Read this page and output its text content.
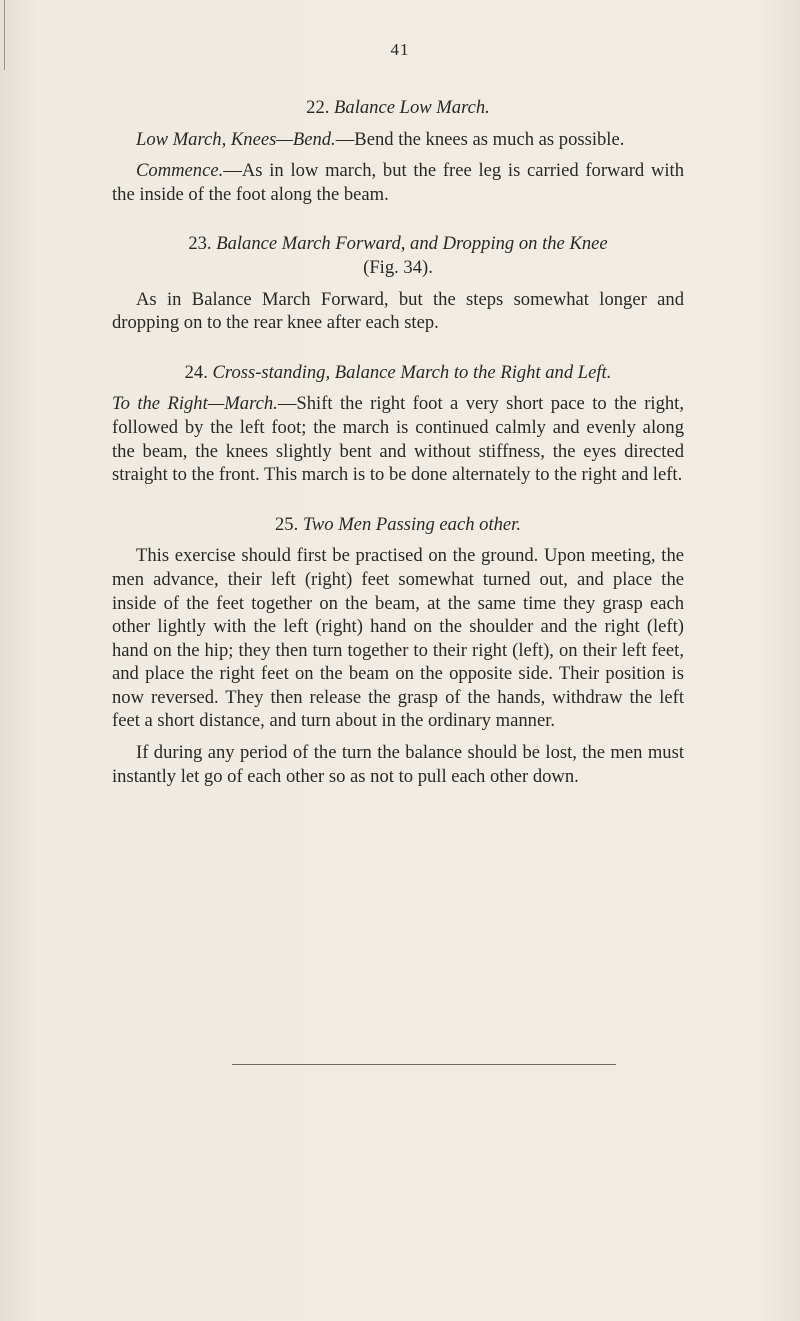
41
22. Balance Low March.

Low March, Knees—Bend.—Bend the knees as much as possible.

Commence.—As in low march, but the free leg is carried forward with the inside of the foot along the beam.

23. Balance March Forward, and Dropping on the Knee
(Fig. 34).

As in Balance March Forward, but the steps somewhat longer and dropping on to the rear knee after each step.

24. Cross-standing, Balance March to the Right and Left.

To the Right—March.—Shift the right foot a very short pace to the right, followed by the left foot; the march is continued calmly and evenly along the beam, the knees slightly bent and without stiffness, the eyes directed straight to the front. This march is to be done alternately to the right and left.

25. Two Men Passing each other.

This exercise should first be practised on the ground. Upon meeting, the men advance, their left (right) feet somewhat turned out, and place the inside of the feet together on the beam, at the same time they grasp each other lightly with the left (right) hand on the shoulder and the right (left) hand on the hip; they then turn together to their right (left), on their left feet, and place the right feet on the beam on the opposite side. Their position is now reversed. They then release the grasp of the hands, withdraw the left feet a short distance, and turn about in the ordinary manner.

If during any period of the turn the balance should be lost, the men must instantly let go of each other so as not to pull each other down.
